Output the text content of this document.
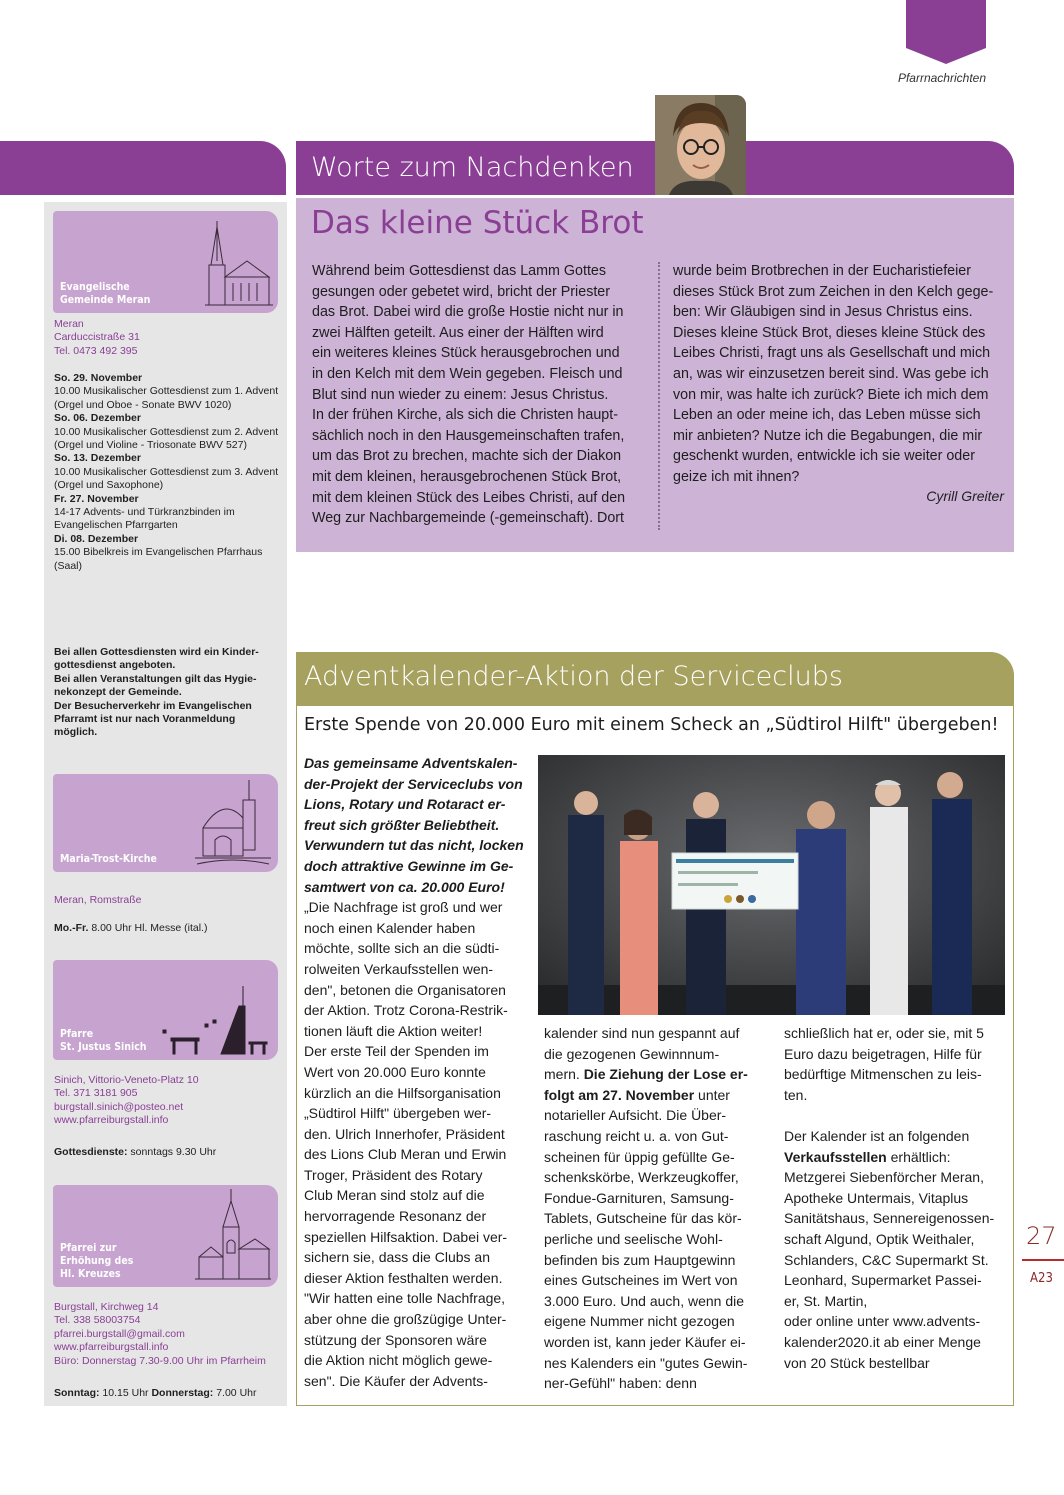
Pfarrnachrichten
Evangelische
Gemeinde Meran
Meran
Carduccistraße 31
Tel. 0473 492 395
So. 29. November
10.00 Musikalischer Gottesdienst zum 1. Advent
(Orgel und Oboe - Sonate BWV 1020)
So. 06. Dezember
10.00 Musikalischer Gottesdienst zum 2. Advent
(Orgel und Violine - Triosonate BWV 527)
So. 13. Dezember
10.00 Musikalischer Gottesdienst zum 3. Advent
(Orgel und Saxophone)
Fr. 27. November
14-17 Advents- und Türkranzbinden im Evangelischen Pfarrgarten
Di. 08. Dezember
15.00 Bibelkreis im Evangelischen Pfarrhaus (Saal)
Bei allen Gottesdiensten wird ein Kinder-
gottesdienst angeboten.
Bei allen Veranstaltungen gilt das Hygie-
nekonzept der Gemeinde.
Der Besucherverkehr im Evangelischen
Pfarramt ist nur nach Voranmeldung
möglich.
Maria-Trost-Kirche
Meran, Romstraße
Mo.-Fr. 8.00 Uhr Hl. Messe (ital.)
Pfarre
St. Justus Sinich
Sinich, Vittorio-Veneto-Platz 10
Tel. 371 3181 905
burgstall.sinich@posteo.net
www.pfarreiburgstall.info
Gottesdienste: sonntags 9.30 Uhr
Pfarrei zur
Erhöhung des
Hl. Kreuzes
Burgstall, Kirchweg 14
Tel. 338 58003754
pfarrei.burgstall@gmail.com
www.pfarreiburgstall.info
Büro: Donnerstag 7.30-9.00 Uhr im Pfarrheim
Sonntag: 10.15 Uhr Donnerstag: 7.00 Uhr
Worte zum Nachdenken
Das kleine Stück Brot

Während beim Gottesdienst das Lamm Gottes

gesungen oder gebetet wird, bricht der Priester

das Brot. Dabei wird die große Hostie nicht nur in

zwei Hälften geteilt. Aus einer der Hälften wird

ein weiteres kleines Stück herausgebrochen und

in den Kelch mit dem Wein gegeben. Fleisch und

Blut sind nun wieder zu einem: Jesus Christus.

In der frühen Kirche, als sich die Christen haupt-

sächlich noch in den Hausgemeinschaften trafen,

um das Brot zu brechen, machte sich der Diakon

mit dem kleinen, herausgebrochenen Stück Brot,

mit dem kleinen Stück des Leibes Christi, auf den

Weg zur Nachbargemeinde (-gemeinschaft). Dort

wurde beim Brotbrechen in der Eucharistiefeier

dieses Stück Brot zum Zeichen in den Kelch gege-

ben: Wir Gläubigen sind in Jesus Christus eins.

Dieses kleine Stück Brot, dieses kleine Stück des

Leibes Christi, fragt uns als Gesellschaft und mich

an, was wir einzusetzen bereit sind. Was gebe ich

von mir, was halte ich zurück? Biete ich mich dem

Leben an oder meine ich, das Leben müsse sich

mir anbieten? Nutze ich die Begabungen, die mir

geschenkt wurden, entwickle ich sie weiter oder

geize ich mit ihnen?

Cyrill Greiter
Adventkalender-Aktion der Serviceclubs
Erste Spende von 20.000 Euro mit einem Scheck an „Südtirol Hilft" übergeben!
Das gemeinsame Adventskalen-
der-Projekt der Serviceclubs von
Lions, Rotary und Rotaract er-
freut sich größter Beliebtheit.
Verwundern tut das nicht, locken
doch attraktive Gewinne im Ge-
samtwert von ca. 20.000 Euro!
„Die Nachfrage ist groß und wer
noch einen Kalender haben
möchte, sollte sich an die südti-
rolweiten Verkaufsstellen wen-
den", betonen die Organisatoren
der Aktion. Trotz Corona-Restrik-
tionen läuft die Aktion weiter!
Der erste Teil der Spenden im
Wert von 20.000 Euro konnte
kürzlich an die Hilfsorganisation
„Südtirol Hilft" übergeben wer-
den. Ulrich Innerhofer, Präsident
des Lions Club Meran und Erwin
Troger, Präsident des Rotary
Club Meran sind stolz auf die
hervorragende Resonanz der
speziellen Hilfsaktion. Dabei ver-
sichern sie, dass die Clubs an
dieser Aktion festhalten werden.
"Wir hatten eine tolle Nachfrage,
aber ohne die großzügige Unter-
stützung der Sponsoren wäre
die Aktion nicht möglich gewe-
sen". Die Käufer der Advents-
kalender sind nun gespannt auf
die gezogenen Gewinnnum-
mern. Die Ziehung der Lose er-
folgt am 27. November unter
notarieller Aufsicht. Die Über-
raschung reicht u. a. von Gut-
scheinen für üppig gefüllte Ge-
schenkskörbe, Werkzeugkoffer,
Fondue-Garnituren, Samsung-
Tablets, Gutscheine für das kör-
perliche und seelische Wohl-
befinden bis zum Hauptgewinn
eines Gutscheines im Wert von
3.000 Euro. Und auch, wenn die
eigene Nummer nicht gezogen
worden ist, kann jeder Käufer ei-
nes Kalenders ein "gutes Gewin-
ner-Gefühl" haben: denn
schließlich hat er, oder sie, mit 5
Euro dazu beigetragen, Hilfe für
bedürftige Mitmenschen zu leis-
ten.
Der Kalender ist an folgenden
Verkaufsstellen erhältlich:
Metzgerei Siebenförcher Meran,
Apotheke Untermais, Vitaplus
Sanitätshaus, Sennereigenossen-
schaft Algund, Optik Weithaler,
Schlanders, C&C Supermarkt St.
Leonhard, Supermarket Passei-
er, St. Martin,
oder online unter www.advents-
kalender2020.it ab einer Menge
von 20 Stück bestellbar
27
A23
